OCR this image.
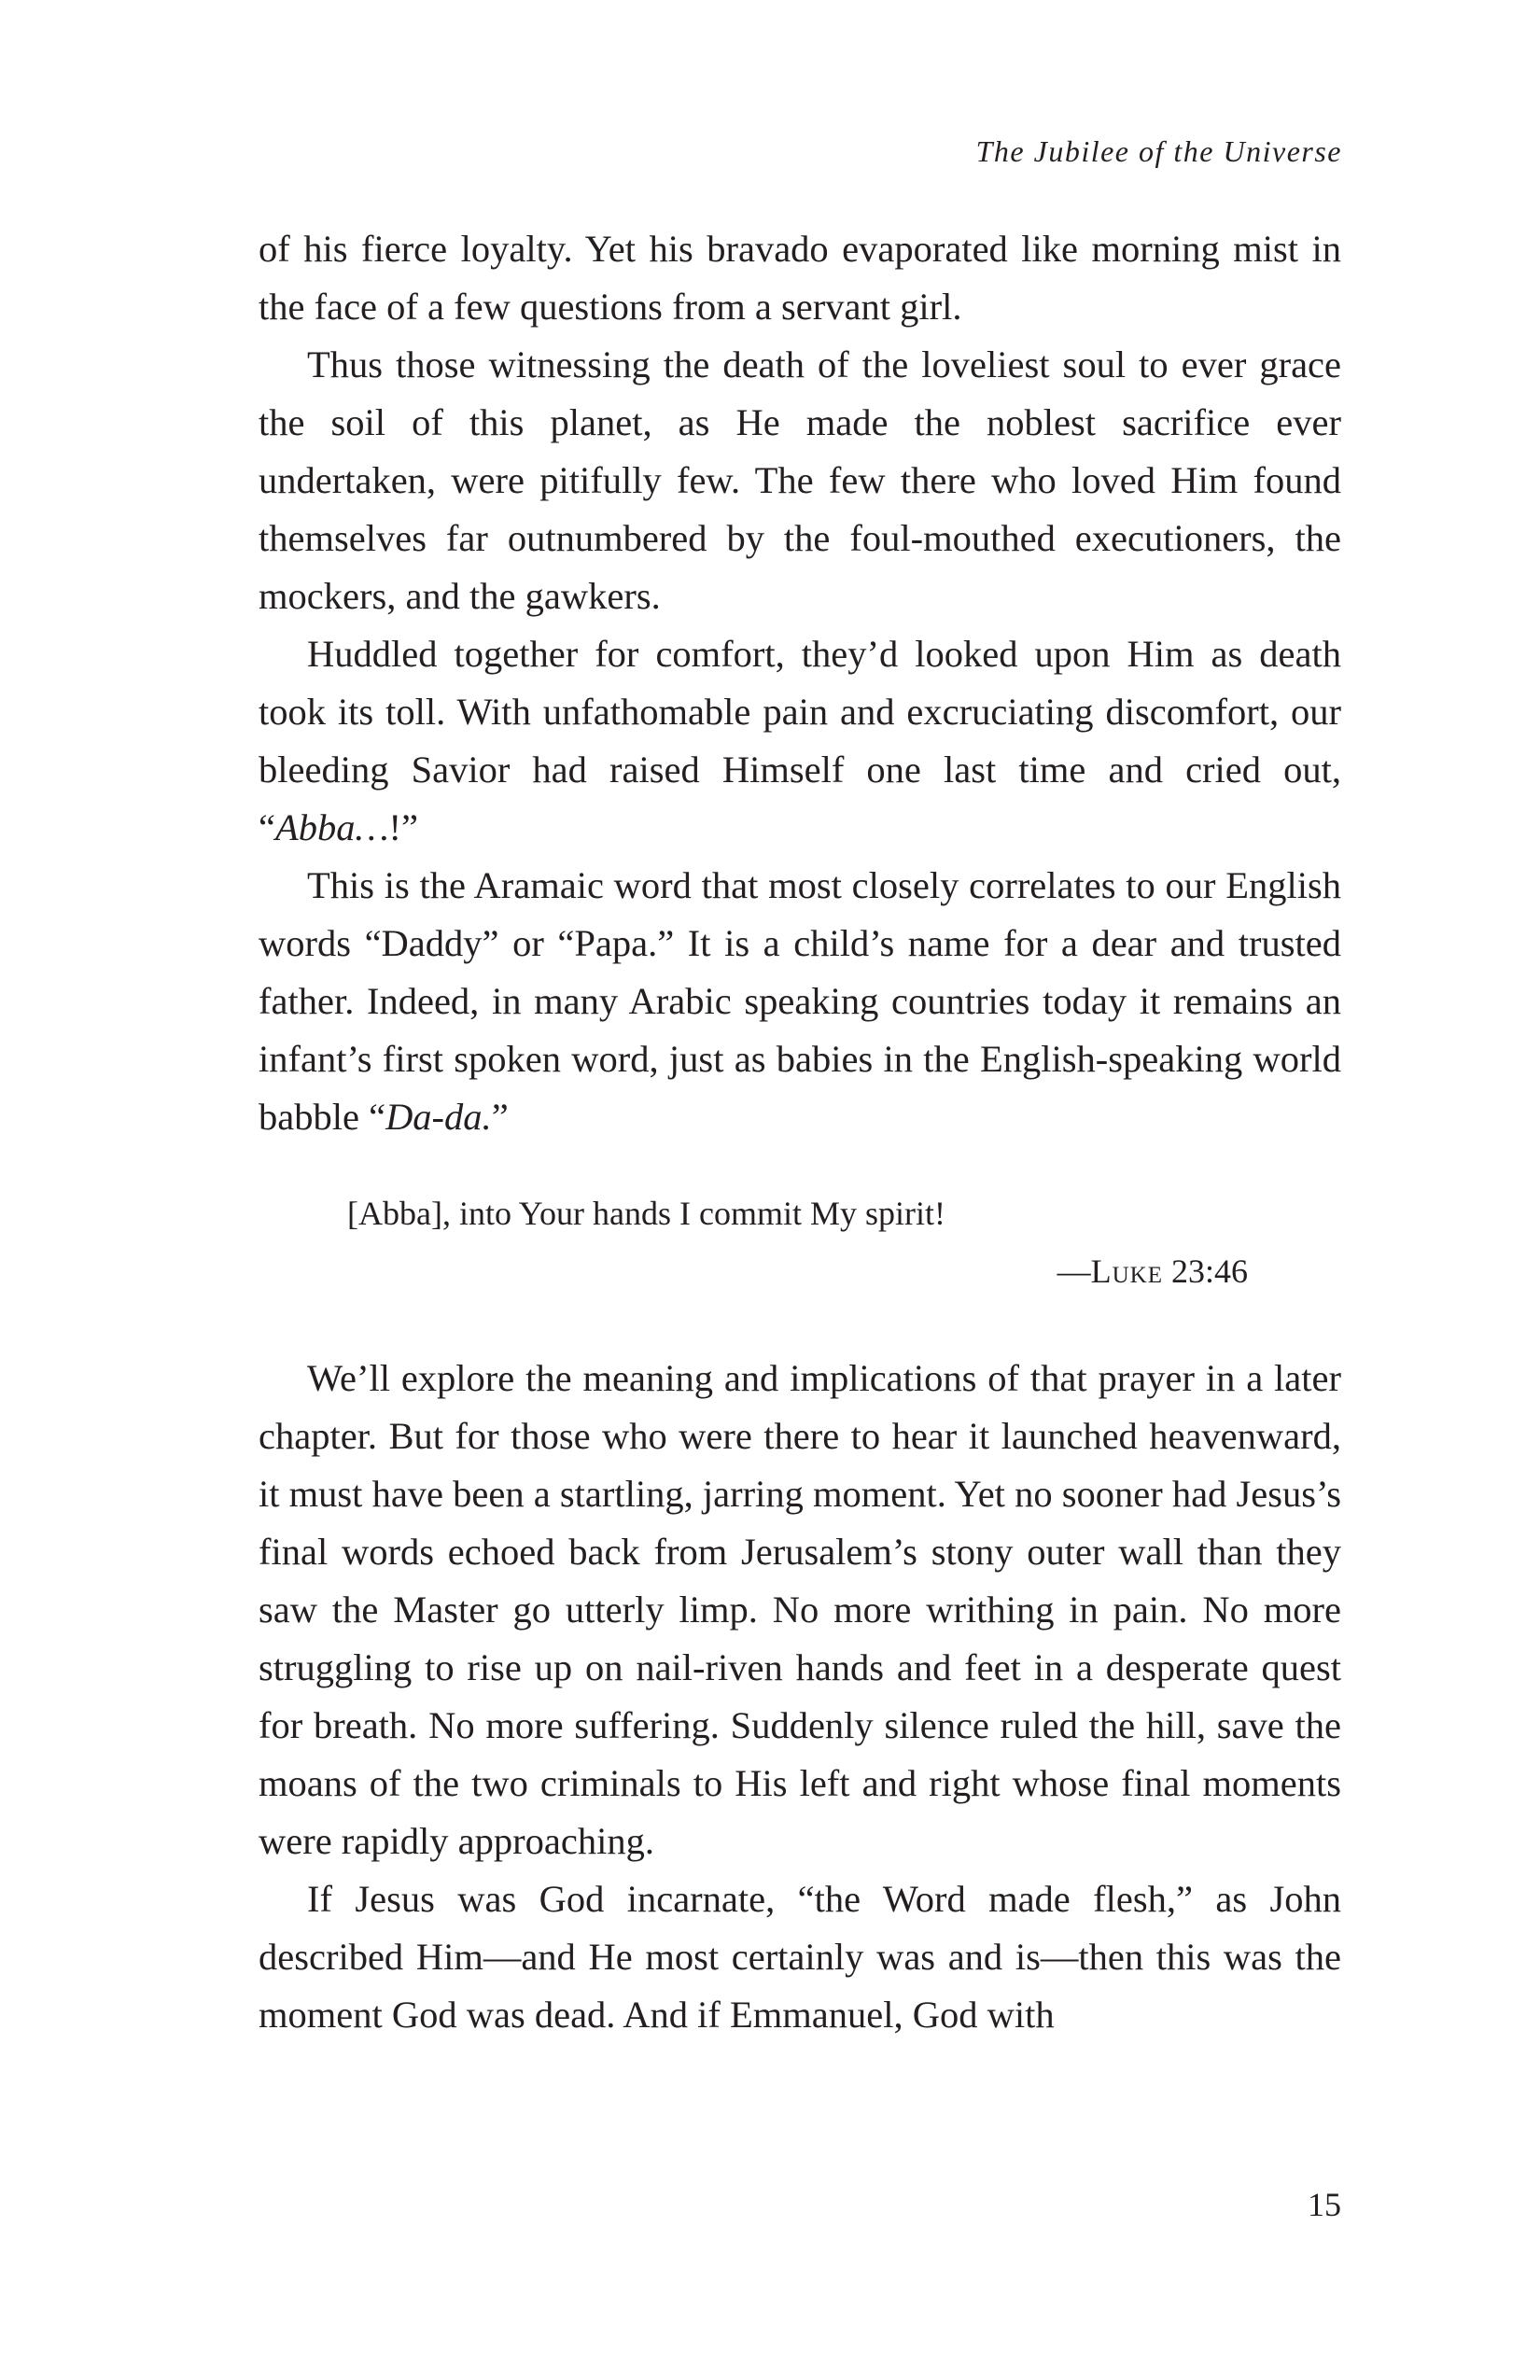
The Jubilee of the Universe

of his fierce loyalty. Yet his bravado evaporated like morning mist in the face of a few questions from a servant girl.

Thus those witnessing the death of the loveliest soul to ever grace the soil of this planet, as He made the noblest sacrifice ever undertaken, were pitifully few. The few there who loved Him found themselves far outnumbered by the foul-mouthed executioners, the mockers, and the gawkers.

Huddled together for comfort, they’d looked upon Him as death took its toll. With unfathomable pain and excruciating discomfort, our bleeding Savior had raised Himself one last time and cried out, “Abba…!”

This is the Aramaic word that most closely correlates to our English words “Daddy” or “Papa.” It is a child’s name for a dear and trusted father. Indeed, in many Arabic speaking countries today it remains an infant’s first spoken word, just as babies in the English-speaking world babble “Da-da.”

[Abba], into Your hands I commit My spirit!
—Luke 23:46

We’ll explore the meaning and implications of that prayer in a later chapter. But for those who were there to hear it launched heavenward, it must have been a startling, jarring moment. Yet no sooner had Jesus’s final words echoed back from Jerusalem’s stony outer wall than they saw the Master go utterly limp. No more writhing in pain. No more struggling to rise up on nail-riven hands and feet in a desperate quest for breath. No more suffering. Suddenly silence ruled the hill, save the moans of the two criminals to His left and right whose final moments were rapidly approaching.

If Jesus was God incarnate, “the Word made flesh,” as John described Him—and He most certainly was and is—then this was the moment God was dead. And if Emmanuel, God with

15
